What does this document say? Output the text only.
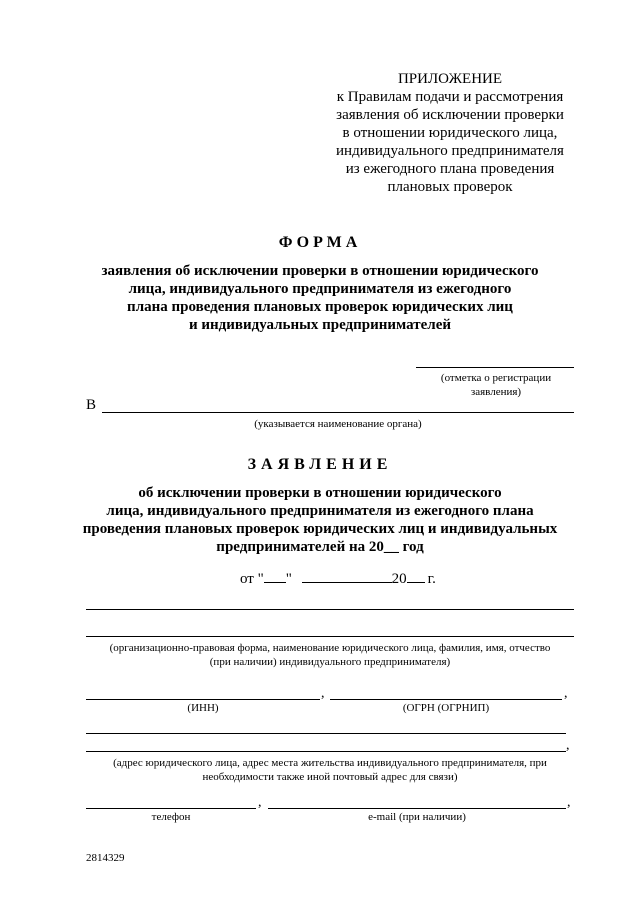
ПРИЛОЖЕНИЕ
к Правилам подачи и рассмотрения
заявления об исключении проверки
в отношении юридического лица,
индивидуального предпринимателя
из ежегодного плана проведения
плановых проверок
ФОРМА
заявления об исключении проверки в отношении юридического
лица, индивидуального предпринимателя из ежегодного
плана проведения плановых проверок юридических лиц
и индивидуальных предпринимателей
(отметка о регистрации
заявления)
В
(указывается наименование органа)
ЗАЯВЛЕНИЕ
об исключении проверки в отношении юридического
лица, индивидуального предпринимателя из ежегодного плана
проведения плановых проверок юридических лиц и индивидуальных
предпринимателей на 20__ год
от " "	20 г.
(организационно-правовая форма, наименование юридического лица, фамилия, имя, отчество
(при наличии) индивидуального предпринимателя)
,	,
(ИНН)	(ОГРН (ОГРНИП)
,
(адрес юридического лица, адрес места жительства индивидуального предпринимателя, при
необходимости также иной почтовый адрес для связи)
,	,
телефон	e-mail (при наличии)
2814329
